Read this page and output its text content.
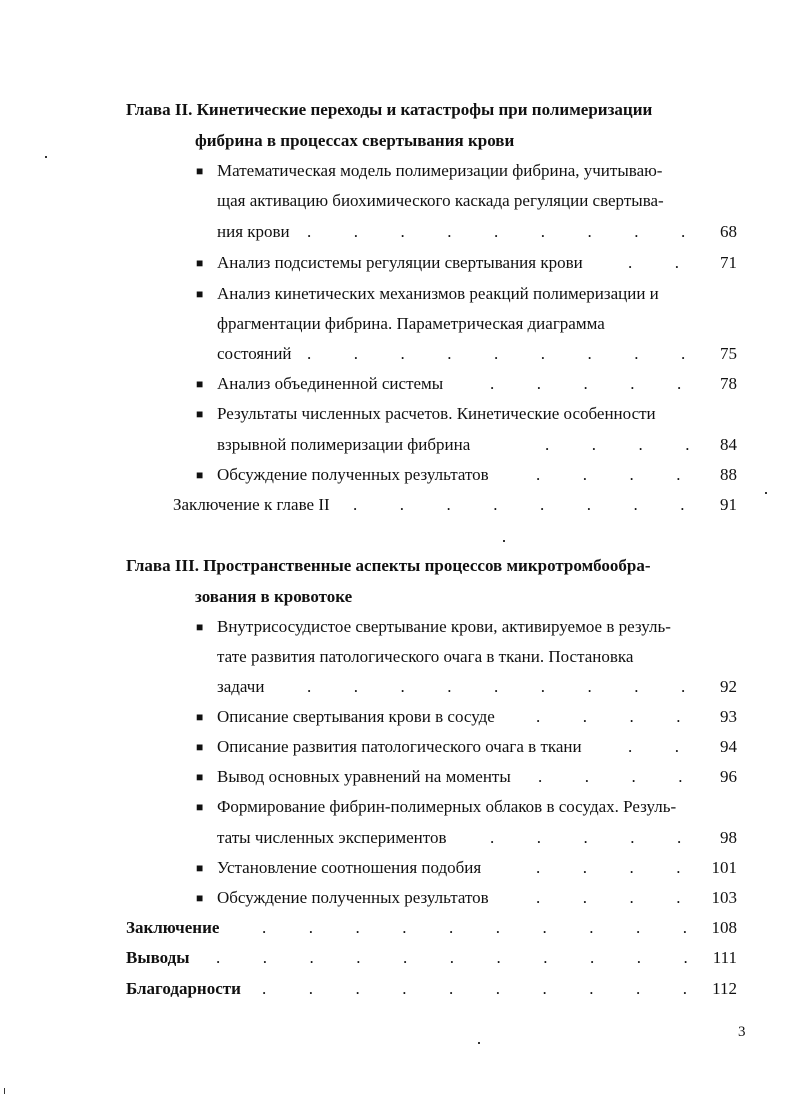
Глава II. Кинетические переходы и катастрофы при полимеризации
фибрина в процессах свертывания крови
■ Математическая модель полимеризации фибрина, учитываю-
щая активацию биохимического каскада регуляции свертыва-
ния крови .          .          .          .          .          .          .          .          . 68
■ Анализ подсистемы регуляции свертывания крови	.          . 71
■ Анализ кинетических механизмов реакций полимеризации и
фрагментации фибрина. Параметрическая диаграмма
состояний .          .          .          .          .          .          .          .          . 75
■ Анализ объединенной системы	.          .          .          .          . 78
■ Результаты численных расчетов. Кинетические особенности
взрывной полимеризации фибрина	.          .          .          . 84
■ Обсуждение полученных результатов	.          .          .          . 88
Заключение к главе II .          .          .          .          .          .          .          . 91
Глава III. Пространственные аспекты процессов микротромбообра-
зования в кровотоке
■ Внутрисосудистое свертывание крови, активируемое в резуль-
тате развития патологического очага в ткани. Постановка
задачи	.          .          .          .          .          .          .          .          . 92
■ Описание свертывания крови в сосуде .          .          .          . 93
■ Описание развития патологического очага в ткани	.          . 94
■ Вывод основных уравнений на моменты .          .          .          . 96
■ Формирование фибрин-полимерных облаков в сосудах. Резуль-
таты численных экспериментов	.          .          .          .          . 98
■ Установление соотношения подобия	.          .          .          . 101
■ Обсуждение полученных результатов	.          .          .          . 103
Заключение	.          .          .          .          .          .          .          .          .          . 108
Выводы .          .          .          .          .          .          .          .          .          .          . 111
Благодарности .          .          .          .          .          .          .          .          .          . 112
3
